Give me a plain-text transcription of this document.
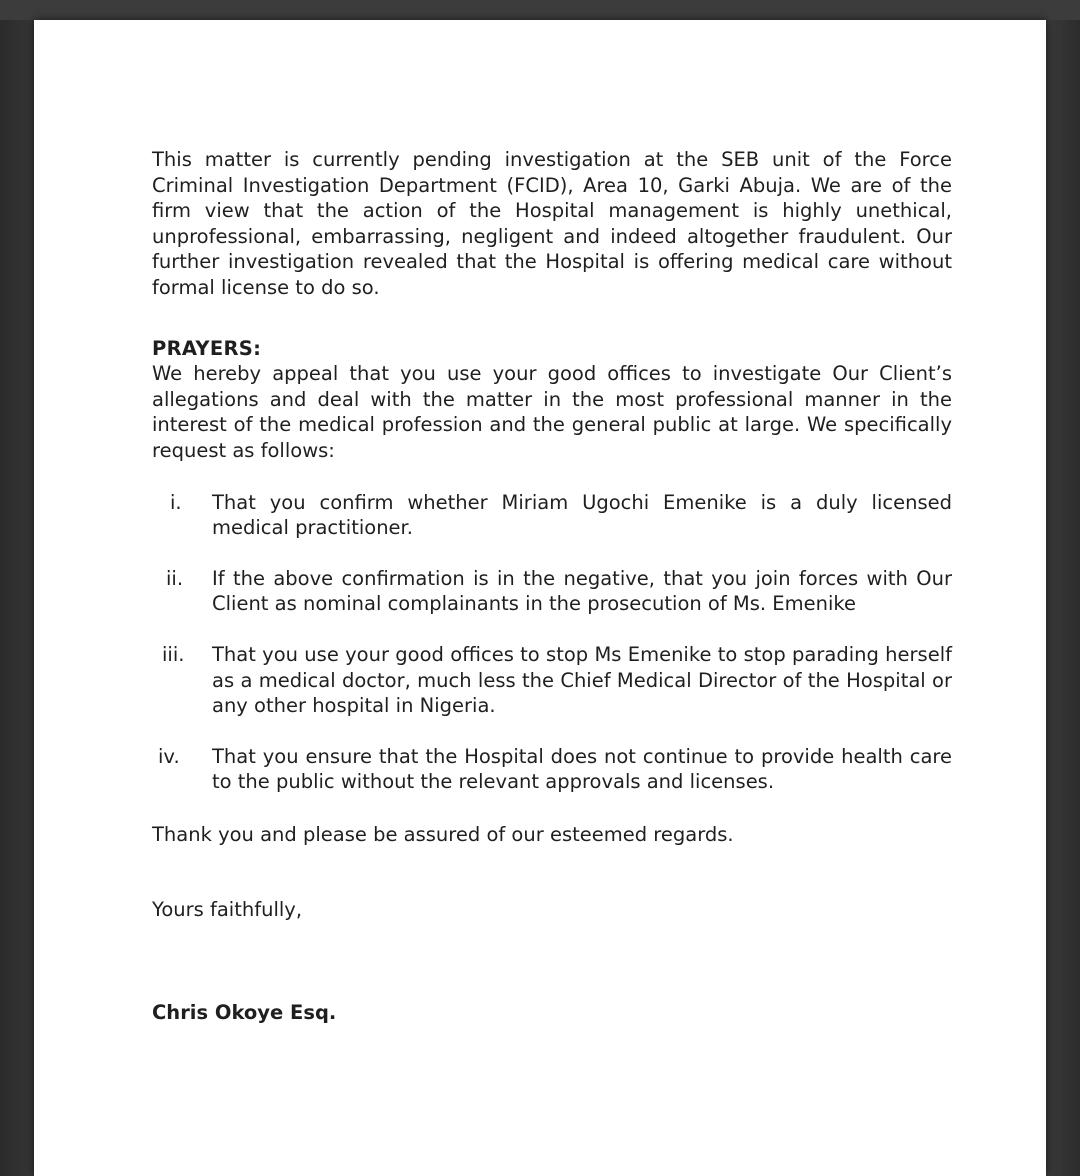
This matter is currently pending investigation at the SEB unit of the Force Criminal Investigation Department (FCID), Area 10, Garki Abuja. We are of the firm view that the action of the Hospital management is highly unethical, unprofessional, embarrassing, negligent and indeed altogether fraudulent. Our further investigation revealed that the Hospital is offering medical care without formal license to do so.

PRAYERS:

We hereby appeal that you use your good offices to investigate Our Client’s allegations and deal with the matter in the most professional manner in the interest of the medical profession and the general public at large. We specifically request as follows:

i.	That you confirm whether Miriam Ugochi Emenike is a duly licensed medical practitioner.
ii.	If the above confirmation is in the negative, that you join forces with Our Client as nominal complainants in the prosecution of Ms. Emenike
iii.	That you use your good offices to stop Ms Emenike to stop parading herself as a medical doctor, much less the Chief Medical Director of the Hospital or any other hospital in Nigeria.
iv.	That you ensure that the Hospital does not continue to provide health care to the public without the relevant approvals and licenses.

Thank you and please be assured of our esteemed regards.

Yours faithfully,

Chris Okoye Esq.
